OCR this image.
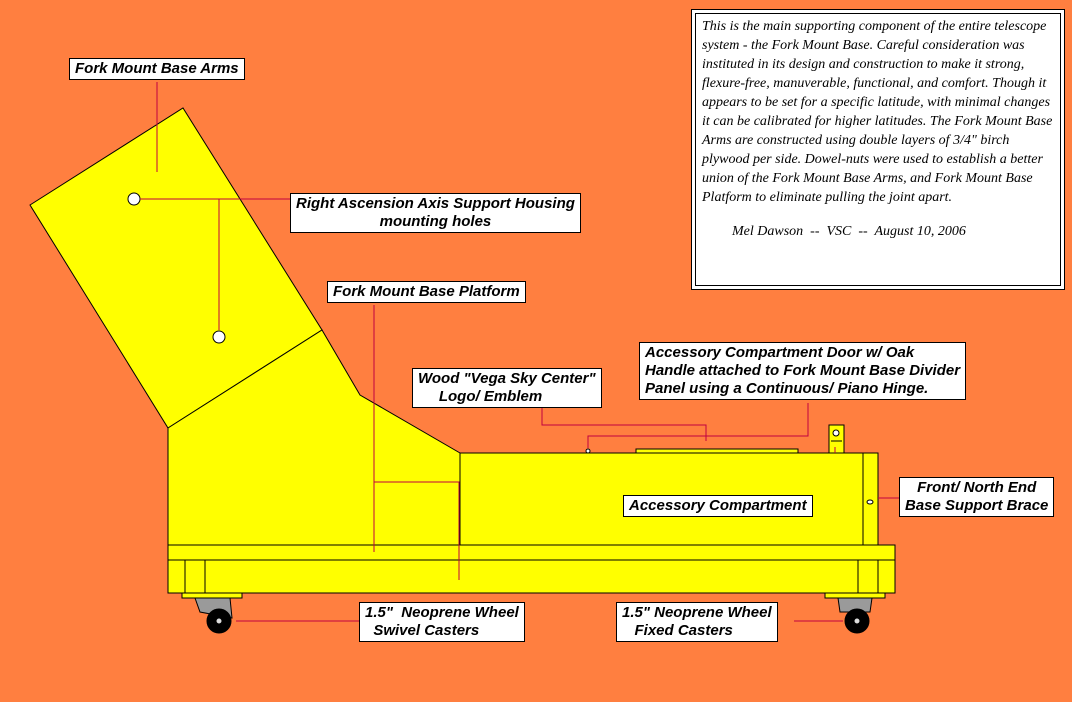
Fork Mount Base Arms
Right Ascension Axis Support Housing
mounting holes
Fork Mount Base Platform
Wood "Vega Sky Center"
Logo/ Emblem
Accessory Compartment Door w/ Oak
Handle attached to Fork Mount Base Divider
Panel using a Continuous/ Piano Hinge.
Accessory Compartment
Front/ North End
Base Support Brace
1.5"  Neoprene Wheel
Swivel Casters
1.5" Neoprene Wheel
Fixed Casters
This is the main supporting component of the entire telescope system - the Fork Mount Base. Careful consideration was instituted in its design and construction to make it strong, flexure-free, manuverable, functional, and comfort. Though it appears to be set for a specific latitude, with minimal changes it can be calibrated for higher latitudes. The Fork Mount Base Arms are constructed using double layers of 3/4" birch plywood per side. Dowel-nuts were used to establish a better union of the Fork Mount Base Arms, and Fork Mount Base Platform to eliminate pulling the joint apart.
Mel Dawson  --  VSC  --  August 10, 2006
